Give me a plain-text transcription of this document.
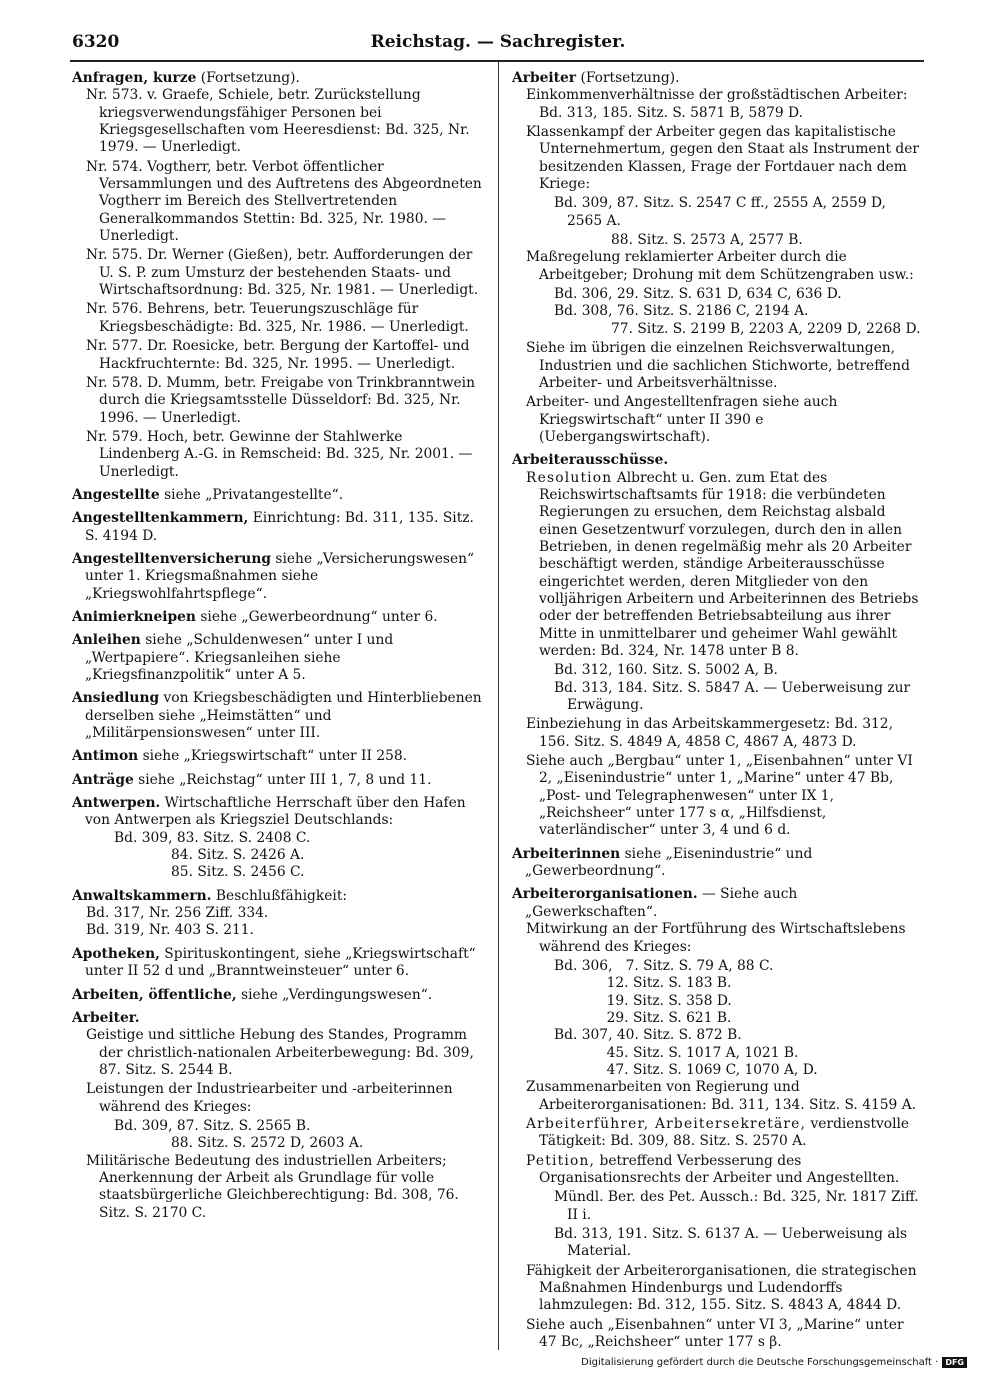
6320	Reichstag. — Sachregister.
Anfragen, kurze (Fortsetzung).
Nr. 573. v. Graefe, Schiele, betr. Zurückstellung kriegsverwendungsfähiger Personen bei Kriegsgesellschaften vom Heeresdienst: Bd. 325, Nr. 1979. — Unerledigt.
Nr. 574. Vogtherr, betr. Verbot öffentlicher Versammlungen und des Auftretens des Abgeordneten Vogtherr im Bereich des Stellvertretenden Generalkommandos Stettin: Bd. 325, Nr. 1980. — Unerledigt.
Nr. 575. Dr. Werner (Gießen), betr. Aufforderungen der U. S. P. zum Umsturz der bestehenden Staats- und Wirtschaftsordnung: Bd. 325, Nr. 1981. — Unerledigt.
Nr. 576. Behrens, betr. Teuerungszuschläge für Kriegsbeschädigte: Bd. 325, Nr. 1986. — Unerledigt.
Nr. 577. Dr. Roesicke, betr. Bergung der Kartoffel- und Hackfruchternte: Bd. 325, Nr. 1995. — Unerledigt.
Nr. 578. D. Mumm, betr. Freigabe von Trinkbranntwein durch die Kriegsamtsstelle Düsseldorf: Bd. 325, Nr. 1996. — Unerledigt.
Nr. 579. Hoch, betr. Gewinne der Stahlwerke Lindenberg A.-G. in Remscheid: Bd. 325, Nr. 2001. — Unerledigt.
Angestellte siehe „Privatangestellte“.
Angestelltenkammern, Einrichtung: Bd. 311, 135. Sitz. S. 4194 D.
Angestelltenversicherung siehe „Versicherungswesen“ unter 1. Kriegsmaßnahmen siehe „Kriegswohlfahrtspflege“.
Animierkneipen siehe „Gewerbeordnung“ unter 6.
Anleihen siehe „Schuldenwesen“ unter I und „Wertpapiere“. Kriegsanleihen siehe „Kriegsfinanzpolitik“ unter A 5.
Ansiedlung von Kriegsbeschädigten und Hinterbliebenen derselben siehe „Heimstätten“ und „Militärpensionswesen“ unter III.
Antimon siehe „Kriegswirtschaft“ unter II 258.
Anträge siehe „Reichstag“ unter III 1, 7, 8 und 11.
Antwerpen. Wirtschaftliche Herrschaft über den Hafen von Antwerpen als Kriegsziel Deutschlands:
Bd. 309, 83. Sitz. S. 2408 C.
84. Sitz. S. 2426 A.
85. Sitz. S. 2456 C.
Anwaltskammern. Beschlußfähigkeit:
Bd. 317, Nr. 256 Ziff. 334.
Bd. 319, Nr. 403 S. 211.
Apotheken, Spirituskontingent, siehe „Kriegswirtschaft“ unter II 52 d und „Branntweinsteuer“ unter 6.
Arbeiten, öffentliche, siehe „Verdingungswesen“.
Arbeiter.
Geistige und sittliche Hebung des Standes, Programm der christlich-nationalen Arbeiterbewegung: Bd. 309, 87. Sitz. S. 2544 B.
Leistungen der Industriearbeiter und -arbeiterinnen während des Krieges:
Bd. 309, 87. Sitz. S. 2565 B.
88. Sitz. S. 2572 D, 2603 A.
Militärische Bedeutung des industriellen Arbeiters; Anerkennung der Arbeit als Grundlage für volle staatsbürgerliche Gleichberechtigung: Bd. 308, 76. Sitz. S. 2170 C.
Arbeiter (Fortsetzung).
Einkommenverhältnisse der großstädtischen Arbeiter: Bd. 313, 185. Sitz. S. 5871 B, 5879 D.
Klassenkampf der Arbeiter gegen das kapitalistische Unternehmertum, gegen den Staat als Instrument der besitzenden Klassen, Frage der Fortdauer nach dem Kriege:
Bd. 309, 87. Sitz. S. 2547 C ff., 2555 A, 2559 D, 2565 A.
88. Sitz. S. 2573 A, 2577 B.
Maßregelung reklamierter Arbeiter durch die Arbeitgeber; Drohung mit dem Schützengraben usw.:
Bd. 306, 29. Sitz. S. 631 D, 634 C, 636 D.
Bd. 308, 76. Sitz. S. 2186 C, 2194 A.
77. Sitz. S. 2199 B, 2203 A, 2209 D, 2268 D.
Siehe im übrigen die einzelnen Reichsverwaltungen, Industrien und die sachlichen Stichworte, betreffend Arbeiter- und Arbeitsverhältnisse.
Arbeiter- und Angestelltenfragen siehe auch Kriegswirtschaft“ unter II 390 e (Uebergangswirtschaft).
Arbeiterausschüsse.
Resolution Albrecht u. Gen. zum Etat des Reichswirtschaftsamts für 1918: die verbündeten Regierungen zu ersuchen, dem Reichstag alsbald einen Gesetzentwurf vorzulegen, durch den in allen Betrieben, in denen regelmäßig mehr als 20 Arbeiter beschäftigt werden, ständige Arbeiterausschüsse eingerichtet werden, deren Mitglieder von den volljährigen Arbeitern und Arbeiterinnen des Betriebs oder der betreffenden Betriebsabteilung aus ihrer Mitte in unmittelbarer und geheimer Wahl gewählt werden: Bd. 324, Nr. 1478 unter B 8.
Bd. 312, 160. Sitz. S. 5002 A, B.
Bd. 313, 184. Sitz. S. 5847 A. — Ueberweisung zur Erwägung.
Einbeziehung in das Arbeitskammergesetz: Bd. 312, 156. Sitz. S. 4849 A, 4858 C, 4867 A, 4873 D.
Siehe auch „Bergbau“ unter 1, „Eisenbahnen“ unter VI 2, „Eisenindustrie“ unter 1, „Marine“ unter 47 Bb, „Post- und Telegraphenwesen“ unter IX 1, „Reichsheer“ unter 177 s α, „Hilfsdienst, vaterländischer“ unter 3, 4 und 6 d.
Arbeiterinnen siehe „Eisenindustrie“ und „Gewerbeordnung“.
Arbeiterorganisationen. — Siehe auch „Gewerkschaften“.
Mitwirkung an der Fortführung des Wirtschaftslebens während des Krieges:
Bd. 306,   7. Sitz. S. 79 A, 88 C.
12. Sitz. S. 183 B.
19. Sitz. S. 358 D.
29. Sitz. S. 621 B.
Bd. 307, 40. Sitz. S. 872 B.
45. Sitz. S. 1017 A, 1021 B.
47. Sitz. S. 1069 C, 1070 A, D.
Zusammenarbeiten von Regierung und Arbeiterorganisationen: Bd. 311, 134. Sitz. S. 4159 A.
Arbeiterführer, Arbeitersekretäre, verdienstvolle Tätigkeit: Bd. 309, 88. Sitz. S. 2570 A.
Petition, betreffend Verbesserung des Organisationsrechts der Arbeiter und Angestellten.
Mündl. Ber. des Pet. Aussch.: Bd. 325, Nr. 1817 Ziff. II i.
Bd. 313, 191. Sitz. S. 6137 A. — Ueberweisung als Material.
Fähigkeit der Arbeiterorganisationen, die strategischen Maßnahmen Hindenburgs und Ludendorffs lahmzulegen: Bd. 312, 155. Sitz. S. 4843 A, 4844 D.
Siehe auch „Eisenbahnen“ unter VI 3, „Marine“ unter 47 Bc, „Reichsheer“ unter 177 s β.
Digitalisierung gefördert durch die Deutsche Forschungsgemeinschaft · DFG
